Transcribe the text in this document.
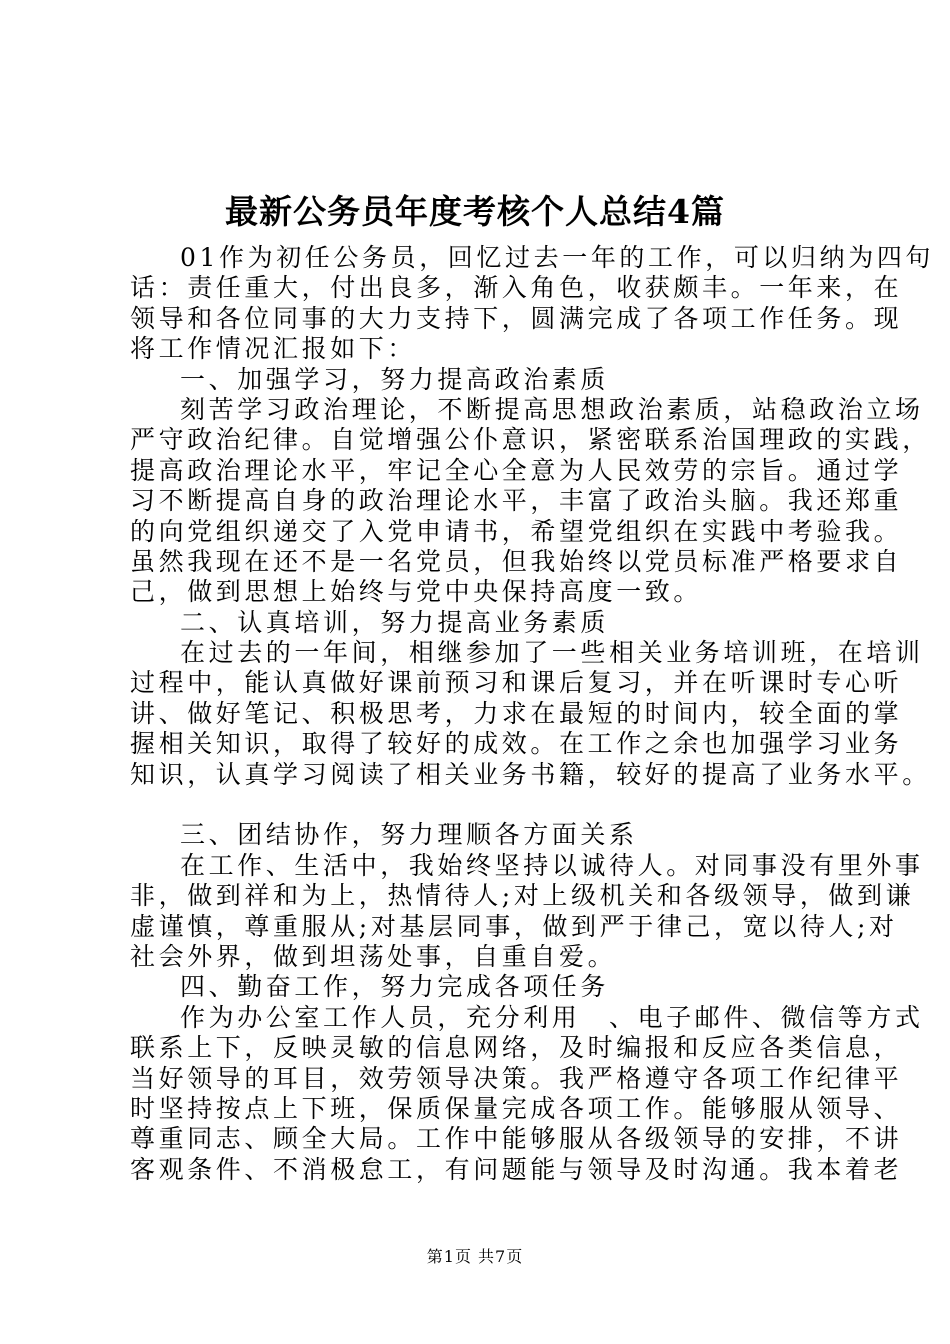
最新公务员年度考核个人总结4篇
01作为初任公务员，回忆过去一年的工作，可以归纳为四句
话：责任重大，付出良多，渐入角色，收获颇丰。一年来，在
领导和各位同事的大力支持下，圆满完成了各项工作任务。现
将工作情况汇报如下：
一、加强学习，努力提高政治素质
刻苦学习政治理论，不断提高思想政治素质，站稳政治立场
严守政治纪律。自觉增强公仆意识，紧密联系治国理政的实践，
提高政治理论水平，牢记全心全意为人民效劳的宗旨。通过学
习不断提高自身的政治理论水平，丰富了政治头脑。我还郑重
的向党组织递交了入党申请书，希望党组织在实践中考验我。
虽然我现在还不是一名党员，但我始终以党员标准严格要求自
己，做到思想上始终与党中央保持高度一致。
二、认真培训，努力提高业务素质
在过去的一年间，相继参加了一些相关业务培训班，在培训
过程中，能认真做好课前预习和课后复习，并在听课时专心听
讲、做好笔记、积极思考，力求在最短的时间内，较全面的掌
握相关知识，取得了较好的成效。在工作之余也加强学习业务
知识，认真学习阅读了相关业务书籍，较好的提高了业务水平。
三、团结协作，努力理顺各方面关系
在工作、生活中，我始终坚持以诚待人。对同事没有里外事
非，做到祥和为上，热情待人;对上级机关和各级领导，做到谦
虚谨慎，尊重服从;对基层同事，做到严于律己，宽以待人;对
社会外界，做到坦荡处事，自重自爱。
四、勤奋工作，努力完成各项任务
作为办公室工作人员，充分利用　、电子邮件、微信等方式
联系上下，反映灵敏的信息网络，及时编报和反应各类信息，
当好领导的耳目，效劳领导决策。我严格遵守各项工作纪律平
时坚持按点上下班，保质保量完成各项工作。能够服从领导、
尊重同志、顾全大局。工作中能够服从各级领导的安排，不讲
客观条件、不消极怠工，有问题能与领导及时沟通。我本着老
第1页 共7页
